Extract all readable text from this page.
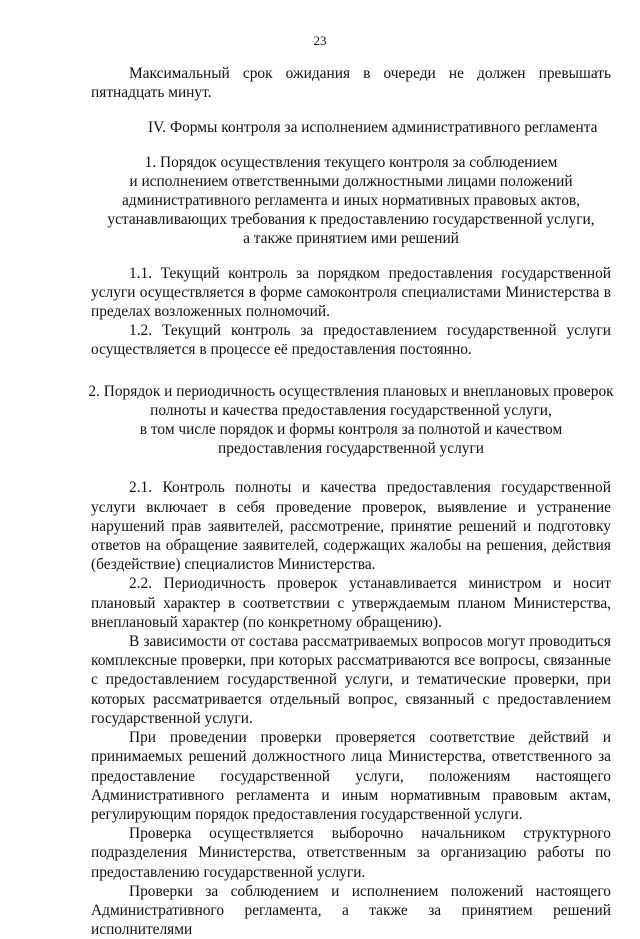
23

Максимальный срок ожидания в очереди не должен превышать пятнадцать минут.

IV. Формы контроля за исполнением административного регламента

1. Порядок осуществления текущего контроля за соблюдением
и исполнением ответственными должностными лицами положений
административного регламента и иных нормативных правовых актов,
устанавливающих требования к предоставлению государственной услуги,
а также принятием ими решений

1.1. Текущий контроль за порядком предоставления государственной услуги осуществляется в форме самоконтроля специалистами Министерства в пределах возложенных полномочий.

1.2. Текущий контроль за предоставлением государственной услуги осуществляется в процессе её предоставления постоянно.

2. Порядок и периодичность осуществления плановых и внеплановых проверок
полноты и качества предоставления государственной услуги,
в том числе порядок и формы контроля за полнотой и качеством
предоставления государственной услуги

2.1. Контроль полноты и качества предоставления государственной услуги включает в себя проведение проверок, выявление и устранение нарушений прав заявителей, рассмотрение, принятие решений и подготовку ответов на обращение заявителей, содержащих жалобы на решения, действия (бездействие) специалистов Министерства.

2.2. Периодичность проверок устанавливается министром и носит плановый характер в соответствии с утверждаемым планом Министерства, внеплановый характер (по конкретному обращению).

В зависимости от состава рассматриваемых вопросов могут проводиться комплексные проверки, при которых рассматриваются все вопросы, связанные с предоставлением государственной услуги, и тематические проверки, при которых рассматривается отдельный вопрос, связанный с предоставлением государственной услуги.

При проведении проверки проверяется соответствие действий и принимаемых решений должностного лица Министерства, ответственного за предоставление государственной услуги, положениям настоящего Административного регламента и иным нормативным правовым актам, регулирующим порядок предоставления государственной услуги.

Проверка осуществляется выборочно начальником структурного подразделения Министерства, ответственным за организацию работы по предоставлению государственной услуги.

Проверки за соблюдением и исполнением положений настоящего Административного регламента, а также за принятием решений исполнителями
